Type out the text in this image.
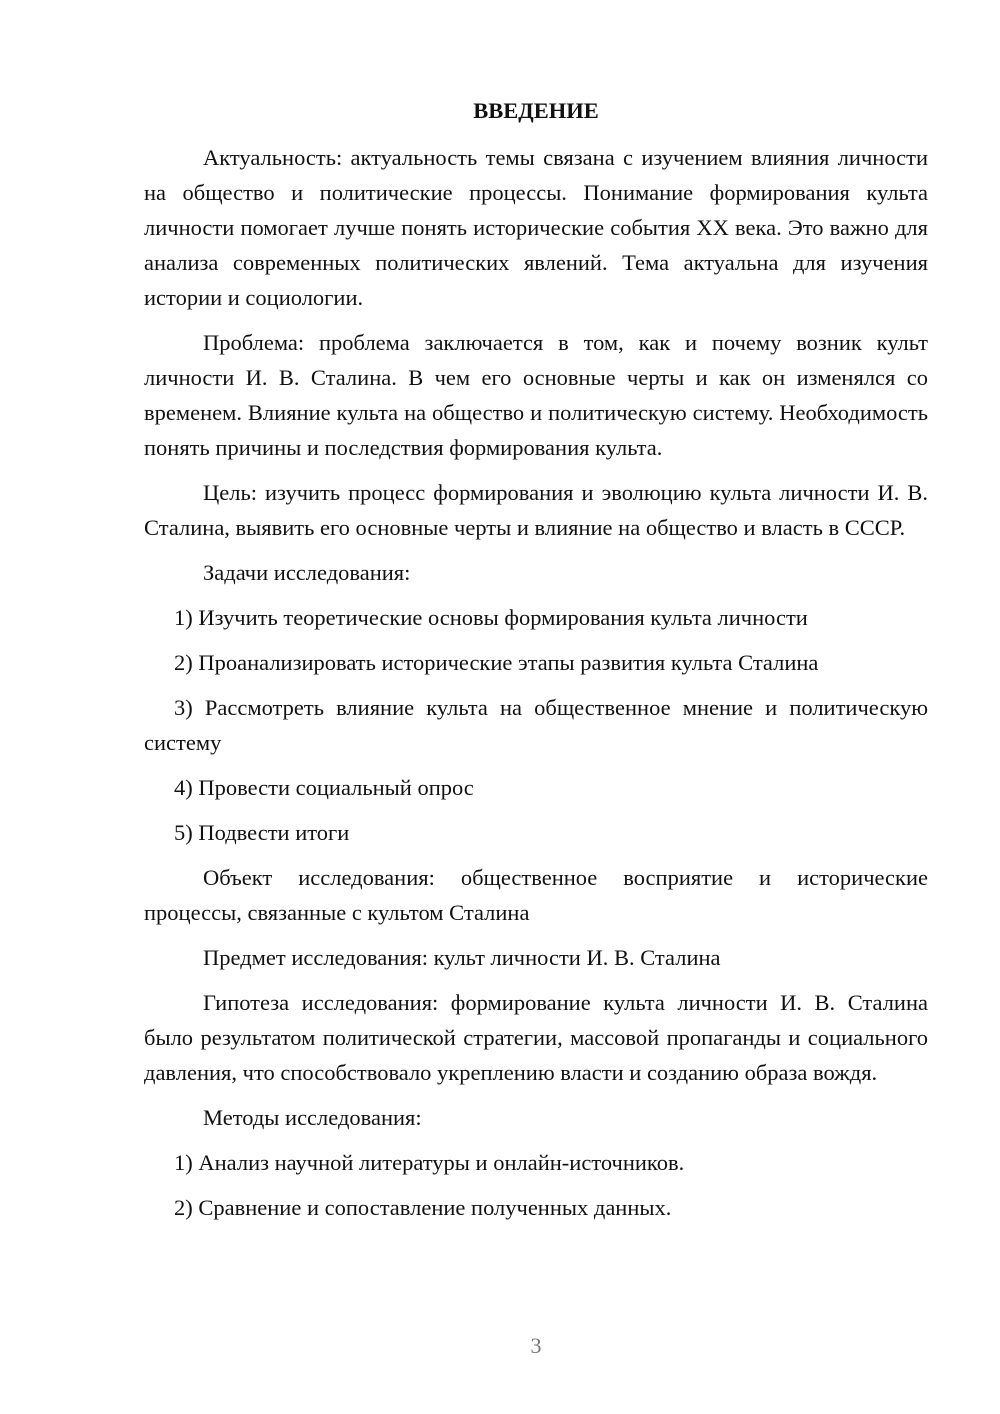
ВВЕДЕНИЕ

Актуальность: актуальность темы связана с изучением влияния личности на общество и политические процессы. Понимание формирования культа личности помогает лучше понять исторические события XX века. Это важно для анализа современных политических явлений. Тема актуальна для изучения истории и социологии.

Проблема: проблема заключается в том, как и почему возник культ личности И. В. Сталина. В чем его основные черты и как он изменялся со временем. Влияние культа на общество и политическую систему. Необходимость понять причины и последствия формирования культа.

Цель: изучить процесс формирования и эволюцию культа личности И. В. Сталина, выявить его основные черты и влияние на общество и власть в СССР.

Задачи исследования:

1) Изучить теоретические основы формирования культа личности

2) Проанализировать исторические этапы развития культа Сталина

3) Рассмотреть влияние культа на общественное мнение и политическую систему

4) Провести социальный опрос

5) Подвести итоги

Объект исследования: общественное восприятие и исторические процессы, связанные с культом Сталина

Предмет исследования: культ личности И. В. Сталина

Гипотеза исследования: формирование культа личности И. В. Сталина было результатом политической стратегии, массовой пропаганды и социального давления, что способствовало укреплению власти и созданию образа вождя.

Методы исследования:

1) Анализ научной литературы и онлайн-источников.

2) Сравнение и сопоставление полученных данных.

3
